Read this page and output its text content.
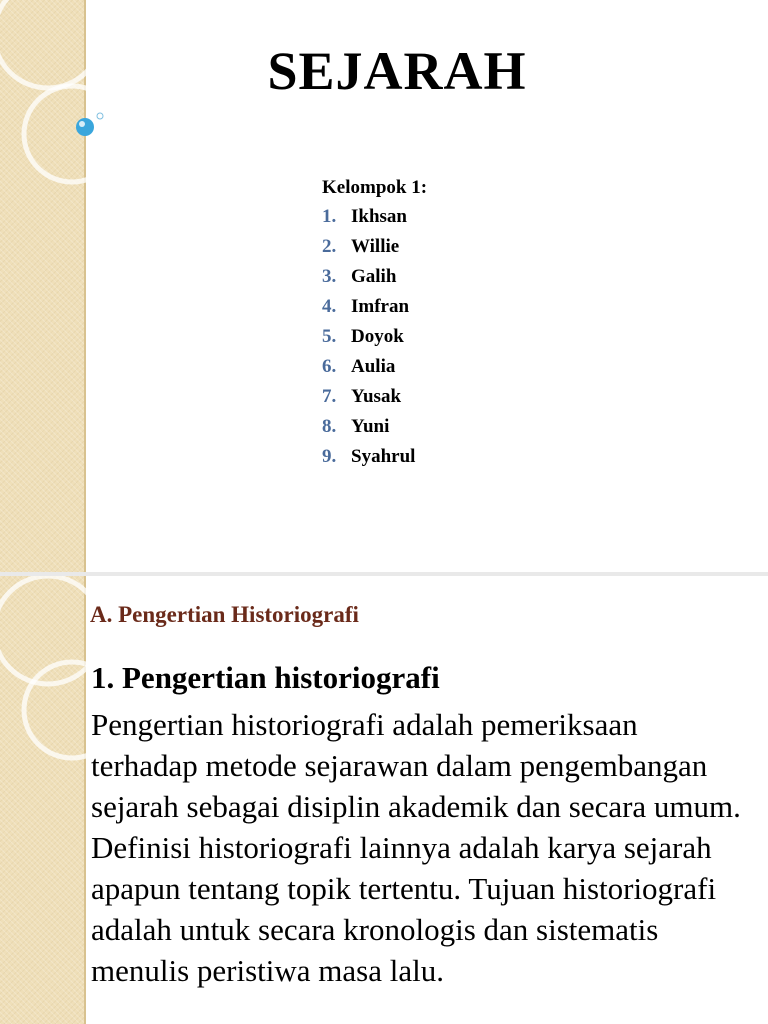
SEJARAH

Kelompok 1:

1. Ikhsan
2. Willie
3. Galih
4. Imfran
5. Doyok
6. Aulia
7. Yusak
8. Yuni
9. Syahrul
A. Pengertian Historiografi
1. Pengertian historiografi

Pengertian historiografi adalah pemeriksaan terhadap metode sejarawan dalam pengembangan sejarah sebagai disiplin akademik dan secara umum. Definisi historiografi lainnya adalah karya sejarah apapun tentang topik tertentu. Tujuan historiografi adalah untuk secara kronologis dan sistematis menulis peristiwa masa lalu.
